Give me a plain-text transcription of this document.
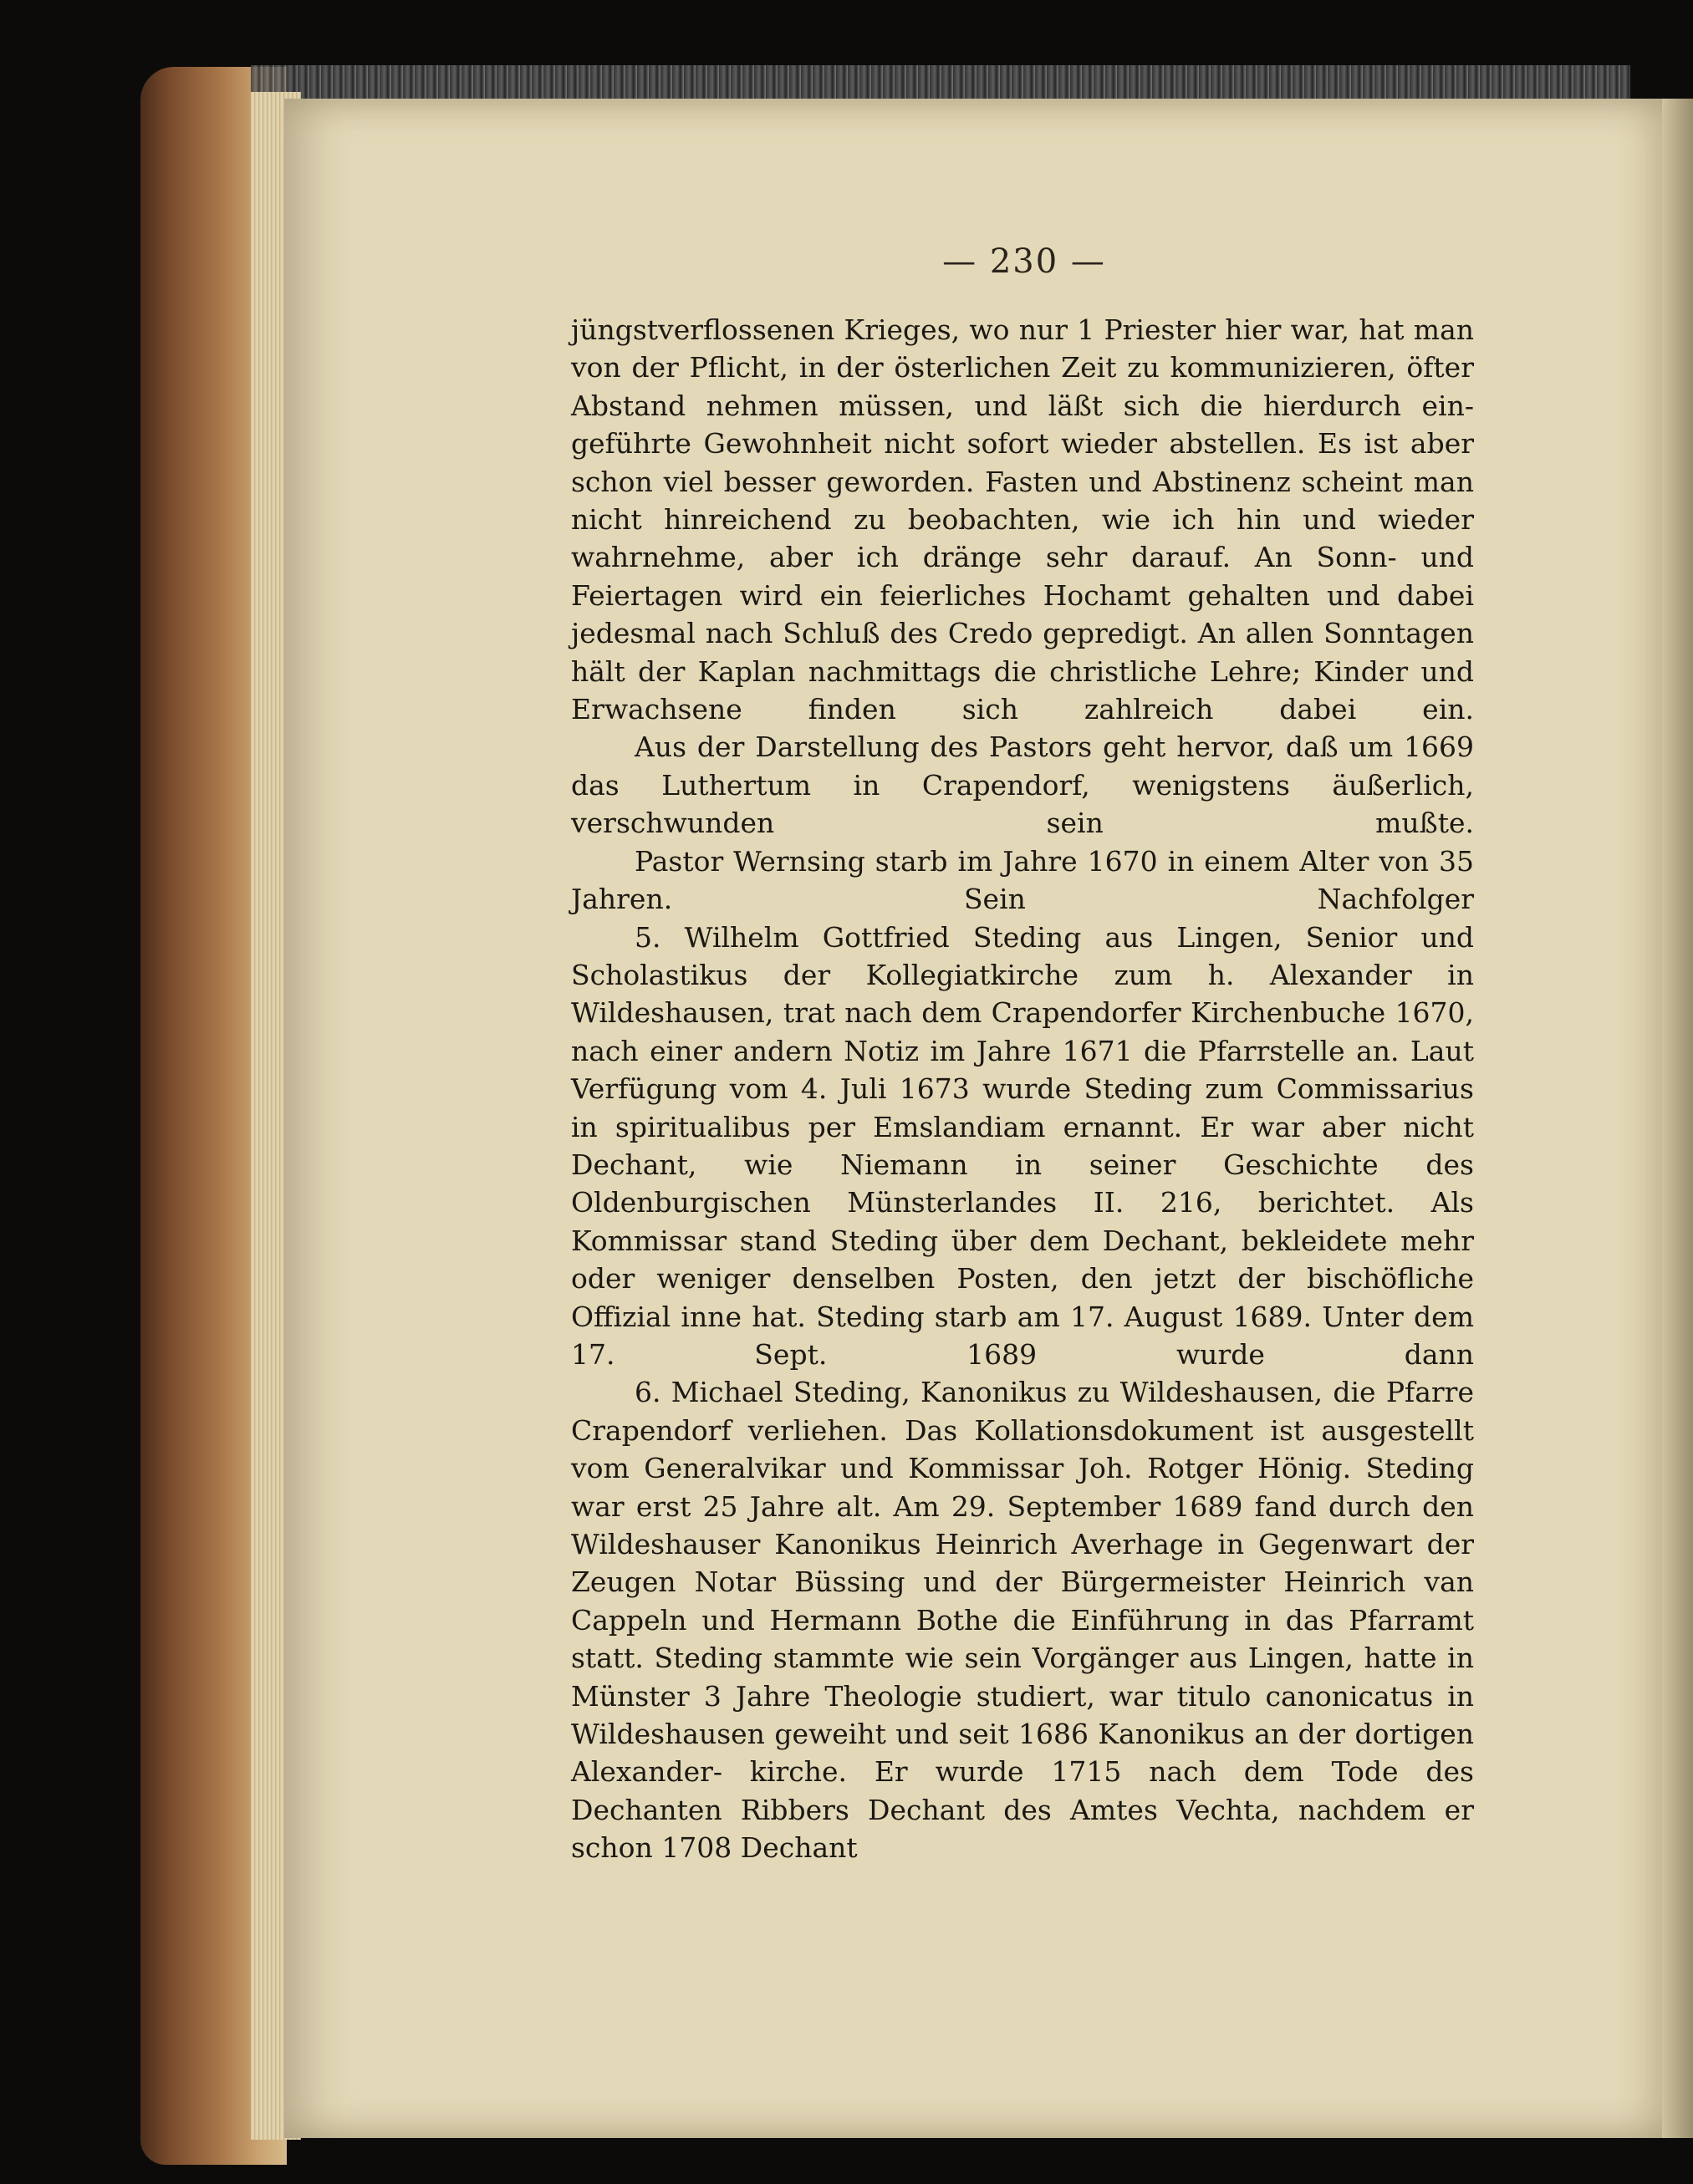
— 230 —

jüngstverflossenen Krieges, wo nur 1 Priester hier war, hat man von der Pflicht, in der österlichen Zeit zu kommunizieren, öfter Abstand nehmen müssen, und läßt sich die hierdurch ein- geführte Gewohnheit nicht sofort wieder abstellen. Es ist aber schon viel besser geworden. Fasten und Abstinenz scheint man nicht hinreichend zu beobachten, wie ich hin und wieder wahrnehme, aber ich dränge sehr darauf. An Sonn- und Feiertagen wird ein feierliches Hochamt gehalten und dabei jedesmal nach Schluß des Credo gepredigt. An allen Sonntagen hält der Kaplan nachmittags die christliche Lehre; Kinder und Erwachsene finden sich zahlreich dabei ein.

Aus der Darstellung des Pastors geht hervor, daß um 1669 das Luthertum in Crapendorf, wenigstens äußerlich, verschwunden sein mußte.

Pastor Wernsing starb im Jahre 1670 in einem Alter von 35 Jahren. Sein Nachfolger

5. Wilhelm Gottfried Steding aus Lingen, Senior und Scholastikus der Kollegiatkirche zum h. Alexander in Wildeshausen, trat nach dem Crapendorfer Kirchenbuche 1670, nach einer andern Notiz im Jahre 1671 die Pfarrstelle an. Laut Verfügung vom 4. Juli 1673 wurde Steding zum Commissarius in spiritualibus per Emslandiam ernannt. Er war aber nicht Dechant, wie Niemann in seiner Geschichte des Oldenburgischen Münsterlandes II. 216, berichtet. Als Kommissar stand Steding über dem Dechant, bekleidete mehr oder weniger denselben Posten, den jetzt der bischöfliche Offizial inne hat. Steding starb am 17. August 1689. Unter dem 17. Sept. 1689 wurde dann

6. Michael Steding, Kanonikus zu Wildeshausen, die Pfarre Crapendorf verliehen. Das Kollationsdokument ist ausgestellt vom Generalvikar und Kommissar Joh. Rotger Hönig. Steding war erst 25 Jahre alt. Am 29. September 1689 fand durch den Wildeshauser Kanonikus Heinrich Averhage in Gegenwart der Zeugen Notar Büssing und der Bürgermeister Heinrich van Cappeln und Hermann Bothe die Einführung in das Pfarramt statt. Steding stammte wie sein Vorgänger aus Lingen, hatte in Münster 3 Jahre Theologie studiert, war titulo canonicatus in Wildeshausen geweiht und seit 1686 Kanonikus an der dortigen Alexander- kirche. Er wurde 1715 nach dem Tode des Dechanten Ribbers Dechant des Amtes Vechta, nachdem er schon 1708 Dechant
